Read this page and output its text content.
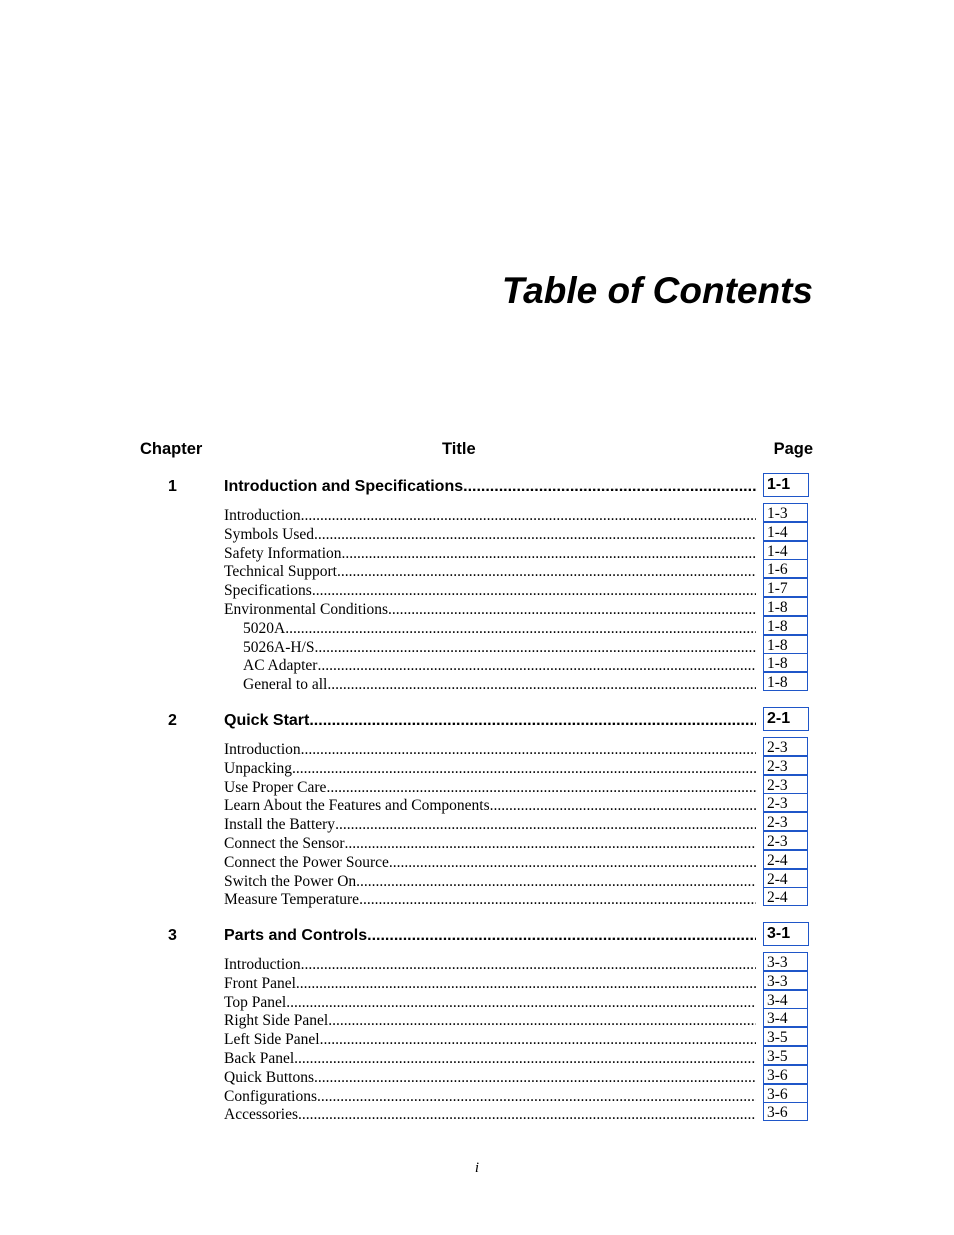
Table of Contents
Chapter	Title	Page
1	Introduction and Specifications .....	1-1
Introduction .....	1-3
Symbols Used .....	1-4
Safety Information .....	1-4
Technical Support .....	1-6
Specifications .....	1-7
Environmental Conditions .....	1-8
5020A .....	1-8
5026A-H/S .....	1-8
AC Adapter .....	1-8
General to all .....	1-8
2	Quick Start .....	2-1
Introduction .....	2-3
Unpacking .....	2-3
Use Proper Care .....	2-3
Learn About the Features and Components .....	2-3
Install the Battery .....	2-3
Connect the Sensor .....	2-3
Connect the Power Source .....	2-4
Switch the Power On .....	2-4
Measure Temperature .....	2-4
3	Parts and Controls .....	3-1
Introduction .....	3-3
Front Panel .....	3-3
Top Panel .....	3-4
Right Side Panel .....	3-4
Left Side Panel .....	3-5
Back Panel .....	3-5
Quick Buttons .....	3-6
Configurations .....	3-6
Accessories .....	3-6
i
